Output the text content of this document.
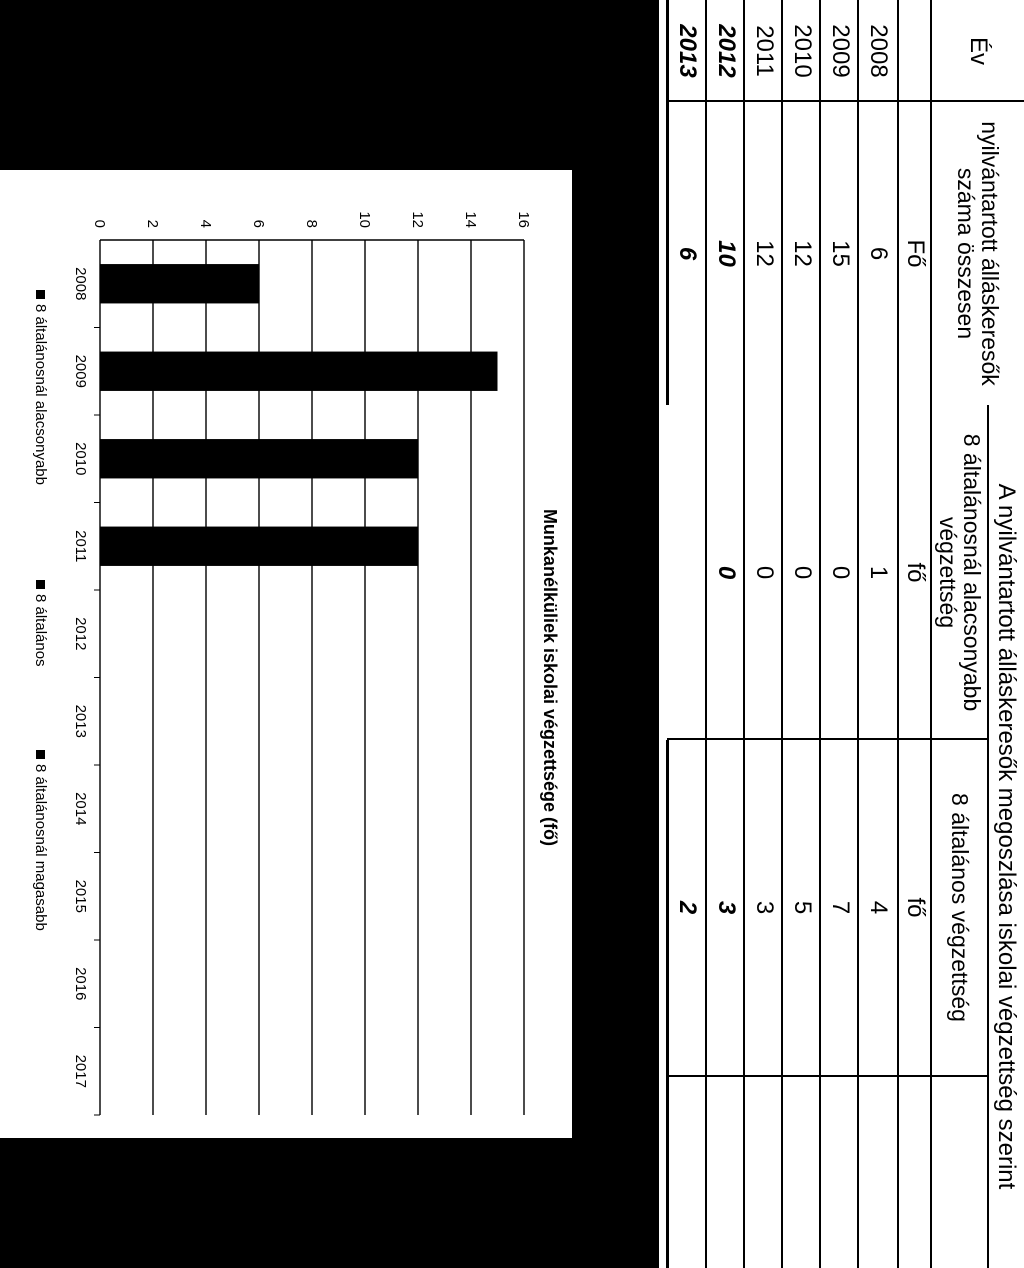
Év
nyilvántartott álláskeresők száma összesen
Fő
2008
2009
2010
2011
2012
2013
6
15
12
12
10
6
fő
1
0
0
0
0
fő
4
7
5
3
3
2	A nyilvántartott álláskeresők megoszlása iskolai végzettség szerint
8 általánosnál alacsonyabb végzettség
8 általános végzettség
Munkanélküliek iskolai végzettsége (fő)
0 2 4 6 8 10 12 14 16
2008
2009
2010
2011
2012
2013
2014
2015
2016
2017
8 általánosnál alacsonyabb
8 általános
8 általánosnál magasabb
